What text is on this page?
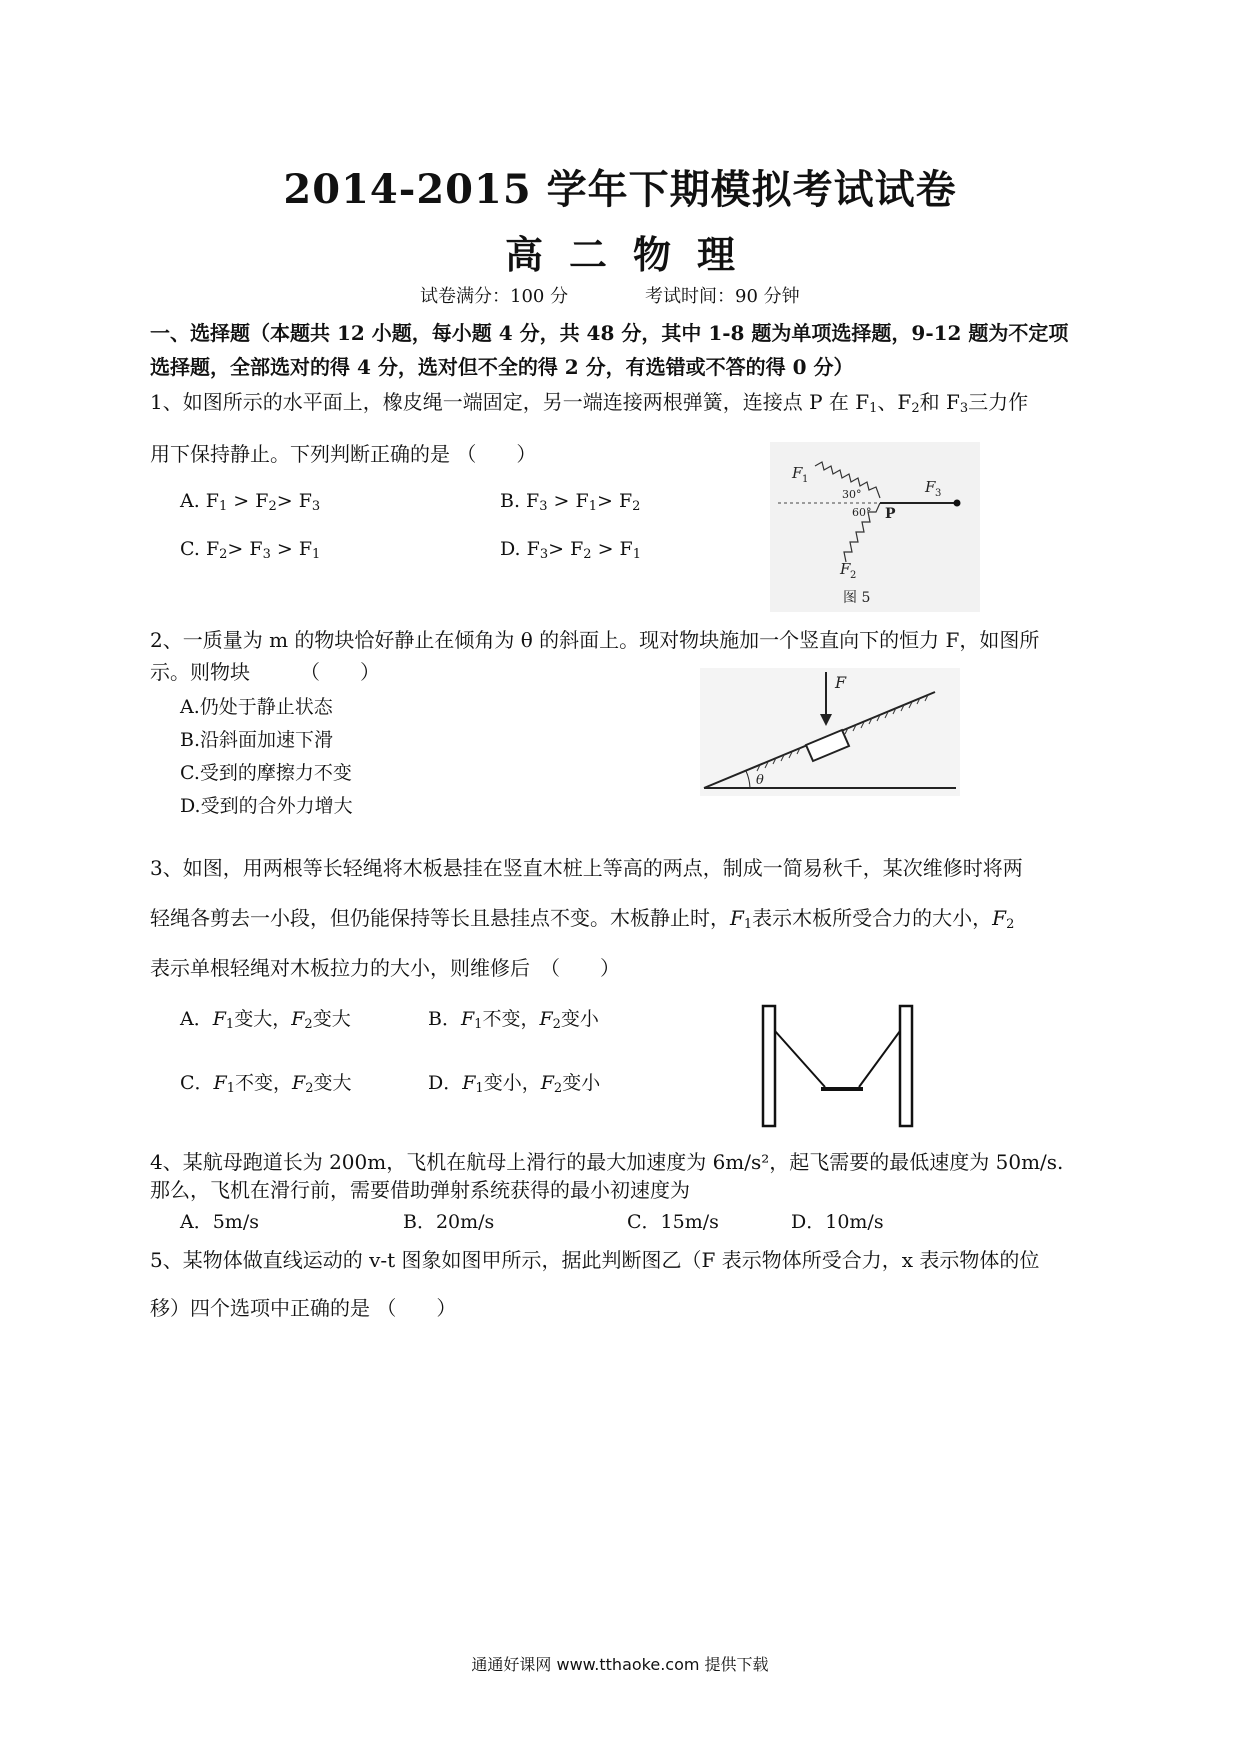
2014-2015 学年下期模拟考试试卷
高二物理
试卷满分：100 分	考试时间：90 分钟
一、选择题（本题共 12 小题，每小题 4 分，共 48 分，其中 1-8 题为单项选择题，9-12 题为不定项
选择题，全部选对的得 4 分，选对但不全的得 2 分，有选错或不答的得 0 分）
1、如图所示的水平面上，橡皮绳一端固定，另一端连接两根弹簧，连接点 P 在 $F_1$、$F_2$和 $F_3$三力作
用下保持静止。下列判断正确的是 （　　）
A. $F_1 > F_2> F_3$	B. $F_3 > F_1> F_2$
C. $F_2> F_3 > F_1$	D. $F_3> F_2 > F_1$
F 1	F 3
F 2
30°
60° P
图 5
2、一质量为 m 的物块恰好静止在倾角为 θ 的斜面上。现对物块施加一个竖直向下的恒力 F，如图所
示。则物块　　　（　　）
A.仍处于静止状态
B.沿斜面加速下滑
C.受到的摩擦力不变
D.受到的合外力增大
F
θ
3、如图，用两根等长轻绳将木板悬挂在竖直木桩上等高的两点，制成一简易秋千，某次维修时将两
轻绳各剪去一小段，但仍能保持等长且悬挂点不变。木板静止时，$F_1$表示木板所受合力的大小，$F_2$
表示单根轻绳对木板拉力的大小，则维修后　（　　）
A．$F_1$变大，$F_2$变大	B．$F_1$不变，$F_2$变小
C．$F_1$不变，$F_2$变大	D．$F_1$变小，$F_2$变小
4、某航母跑道长为 200m，飞机在航母上滑行的最大加速度为 6m/s²，起飞需要的最低速度为 50m/s.
那么，飞机在滑行前，需要借助弹射系统获得的最小初速度为
A．5m/s	B．20m/s	C．15m/s	D．10m/s
5、某物体做直线运动的 v-t 图象如图甲所示，据此判断图乙（F 表示物体所受合力，x 表示物体的位
移）四个选项中正确的是 （　　）
通通好课网 www.tthaoke.com 提供下载
